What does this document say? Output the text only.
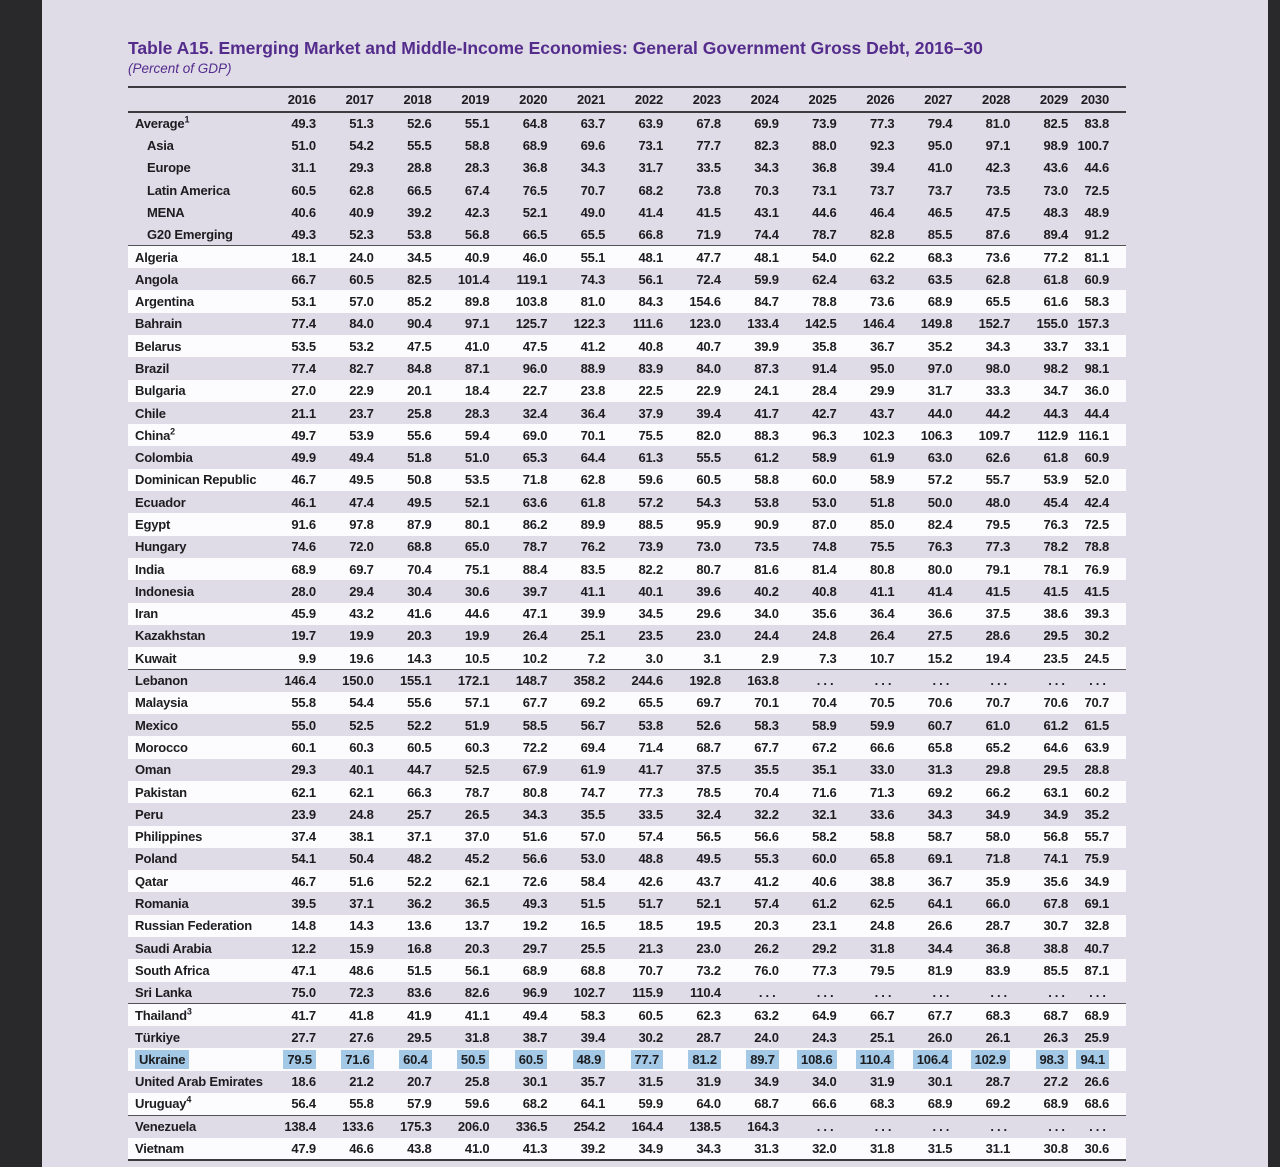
Table A15. Emerging Market and Middle-Income Economies: General Government Gross Debt, 2016–30
(Percent of GDP)
	2016	2017	2018	2019	2020	2021	2022	2023	2024	2025	2026	2027	2028	2029	2030
Average$^1$	49.3	51.3	52.6	55.1	64.8	63.7	63.9	67.8	69.9	73.9	77.3	79.4	81.0	82.5	83.8
Asia	51.0	54.2	55.5	58.8	68.9	69.6	73.1	77.7	82.3	88.0	92.3	95.0	97.1	98.9	100.7
Europe	31.1	29.3	28.8	28.3	36.8	34.3	31.7	33.5	34.3	36.8	39.4	41.0	42.3	43.6	44.6
Latin America	60.5	62.8	66.5	67.4	76.5	70.7	68.2	73.8	70.3	73.1	73.7	73.7	73.5	73.0	72.5
MENA	40.6	40.9	39.2	42.3	52.1	49.0	41.4	41.5	43.1	44.6	46.4	46.5	47.5	48.3	48.9
G20 Emerging	49.3	52.3	53.8	56.8	66.5	65.5	66.8	71.9	74.4	78.7	82.8	85.5	87.6	89.4	91.2
Algeria	18.1	24.0	34.5	40.9	46.0	55.1	48.1	47.7	48.1	54.0	62.2	68.3	73.6	77.2	81.1
Angola	66.7	60.5	82.5	101.4	119.1	74.3	56.1	72.4	59.9	62.4	63.2	63.5	62.8	61.8	60.9
Argentina	53.1	57.0	85.2	89.8	103.8	81.0	84.3	154.6	84.7	78.8	73.6	68.9	65.5	61.6	58.3
Bahrain	77.4	84.0	90.4	97.1	125.7	122.3	111.6	123.0	133.4	142.5	146.4	149.8	152.7	155.0	157.3
Belarus	53.5	53.2	47.5	41.0	47.5	41.2	40.8	40.7	39.9	35.8	36.7	35.2	34.3	33.7	33.1
Brazil	77.4	82.7	84.8	87.1	96.0	88.9	83.9	84.0	87.3	91.4	95.0	97.0	98.0	98.2	98.1
Bulgaria	27.0	22.9	20.1	18.4	22.7	23.8	22.5	22.9	24.1	28.4	29.9	31.7	33.3	34.7	36.0
Chile	21.1	23.7	25.8	28.3	32.4	36.4	37.9	39.4	41.7	42.7	43.7	44.0	44.2	44.3	44.4
China$^2$	49.7	53.9	55.6	59.4	69.0	70.1	75.5	82.0	88.3	96.3	102.3	106.3	109.7	112.9	116.1
Colombia	49.9	49.4	51.8	51.0	65.3	64.4	61.3	55.5	61.2	58.9	61.9	63.0	62.6	61.8	60.9
Dominican Republic	46.7	49.5	50.8	53.5	71.8	62.8	59.6	60.5	58.8	60.0	58.9	57.2	55.7	53.9	52.0
Ecuador	46.1	47.4	49.5	52.1	63.6	61.8	57.2	54.3	53.8	53.0	51.8	50.0	48.0	45.4	42.4
Egypt	91.6	97.8	87.9	80.1	86.2	89.9	88.5	95.9	90.9	87.0	85.0	82.4	79.5	76.3	72.5
Hungary	74.6	72.0	68.8	65.0	78.7	76.2	73.9	73.0	73.5	74.8	75.5	76.3	77.3	78.2	78.8
India	68.9	69.7	70.4	75.1	88.4	83.5	82.2	80.7	81.6	81.4	80.8	80.0	79.1	78.1	76.9
Indonesia	28.0	29.4	30.4	30.6	39.7	41.1	40.1	39.6	40.2	40.8	41.1	41.4	41.5	41.5	41.5
Iran	45.9	43.2	41.6	44.6	47.1	39.9	34.5	29.6	34.0	35.6	36.4	36.6	37.5	38.6	39.3
Kazakhstan	19.7	19.9	20.3	19.9	26.4	25.1	23.5	23.0	24.4	24.8	26.4	27.5	28.6	29.5	30.2
Kuwait	9.9	19.6	14.3	10.5	10.2	7.2	3.0	3.1	2.9	7.3	10.7	15.2	19.4	23.5	24.5
Lebanon	146.4	150.0	155.1	172.1	148.7	358.2	244.6	192.8	163.8	...	...	...	...	...	...
Malaysia	55.8	54.4	55.6	57.1	67.7	69.2	65.5	69.7	70.1	70.4	70.5	70.6	70.7	70.6	70.7
Mexico	55.0	52.5	52.2	51.9	58.5	56.7	53.8	52.6	58.3	58.9	59.9	60.7	61.0	61.2	61.5
Morocco	60.1	60.3	60.5	60.3	72.2	69.4	71.4	68.7	67.7	67.2	66.6	65.8	65.2	64.6	63.9
Oman	29.3	40.1	44.7	52.5	67.9	61.9	41.7	37.5	35.5	35.1	33.0	31.3	29.8	29.5	28.8
Pakistan	62.1	62.1	66.3	78.7	80.8	74.7	77.3	78.5	70.4	71.6	71.3	69.2	66.2	63.1	60.2
Peru	23.9	24.8	25.7	26.5	34.3	35.5	33.5	32.4	32.2	32.1	33.6	34.3	34.9	34.9	35.2
Philippines	37.4	38.1	37.1	37.0	51.6	57.0	57.4	56.5	56.6	58.2	58.8	58.7	58.0	56.8	55.7
Poland	54.1	50.4	48.2	45.2	56.6	53.0	48.8	49.5	55.3	60.0	65.8	69.1	71.8	74.1	75.9
Qatar	46.7	51.6	52.2	62.1	72.6	58.4	42.6	43.7	41.2	40.6	38.8	36.7	35.9	35.6	34.9
Romania	39.5	37.1	36.2	36.5	49.3	51.5	51.7	52.1	57.4	61.2	62.5	64.1	66.0	67.8	69.1
Russian Federation	14.8	14.3	13.6	13.7	19.2	16.5	18.5	19.5	20.3	23.1	24.8	26.6	28.7	30.7	32.8
Saudi Arabia	12.2	15.9	16.8	20.3	29.7	25.5	21.3	23.0	26.2	29.2	31.8	34.4	36.8	38.8	40.7
South Africa	47.1	48.6	51.5	56.1	68.9	68.8	70.7	73.2	76.0	77.3	79.5	81.9	83.9	85.5	87.1
Sri Lanka	75.0	72.3	83.6	82.6	96.9	102.7	115.9	110.4	...	...	...	...	...	...	...
Thailand$^3$	41.7	41.8	41.9	41.1	49.4	58.3	60.5	62.3	63.2	64.9	66.7	67.7	68.3	68.7	68.9
Türkiye	27.7	27.6	29.5	31.8	38.7	39.4	30.2	28.7	24.0	24.3	25.1	26.0	26.1	26.3	25.9
Ukraine	79.5	71.6	60.4	50.5	60.5	48.9	77.7	81.2	89.7	108.6	110.4	106.4	102.9	98.3	94.1
United Arab Emirates	18.6	21.2	20.7	25.8	30.1	35.7	31.5	31.9	34.9	34.0	31.9	30.1	28.7	27.2	26.6
Uruguay$^4$	56.4	55.8	57.9	59.6	68.2	64.1	59.9	64.0	68.7	66.6	68.3	68.9	69.2	68.9	68.6
Venezuela	138.4	133.6	175.3	206.0	336.5	254.2	164.4	138.5	164.3	...	...	...	...	...	...
Vietnam	47.9	46.6	43.8	41.0	41.3	39.2	34.9	34.3	31.3	32.0	31.8	31.5	31.1	30.8	30.6
